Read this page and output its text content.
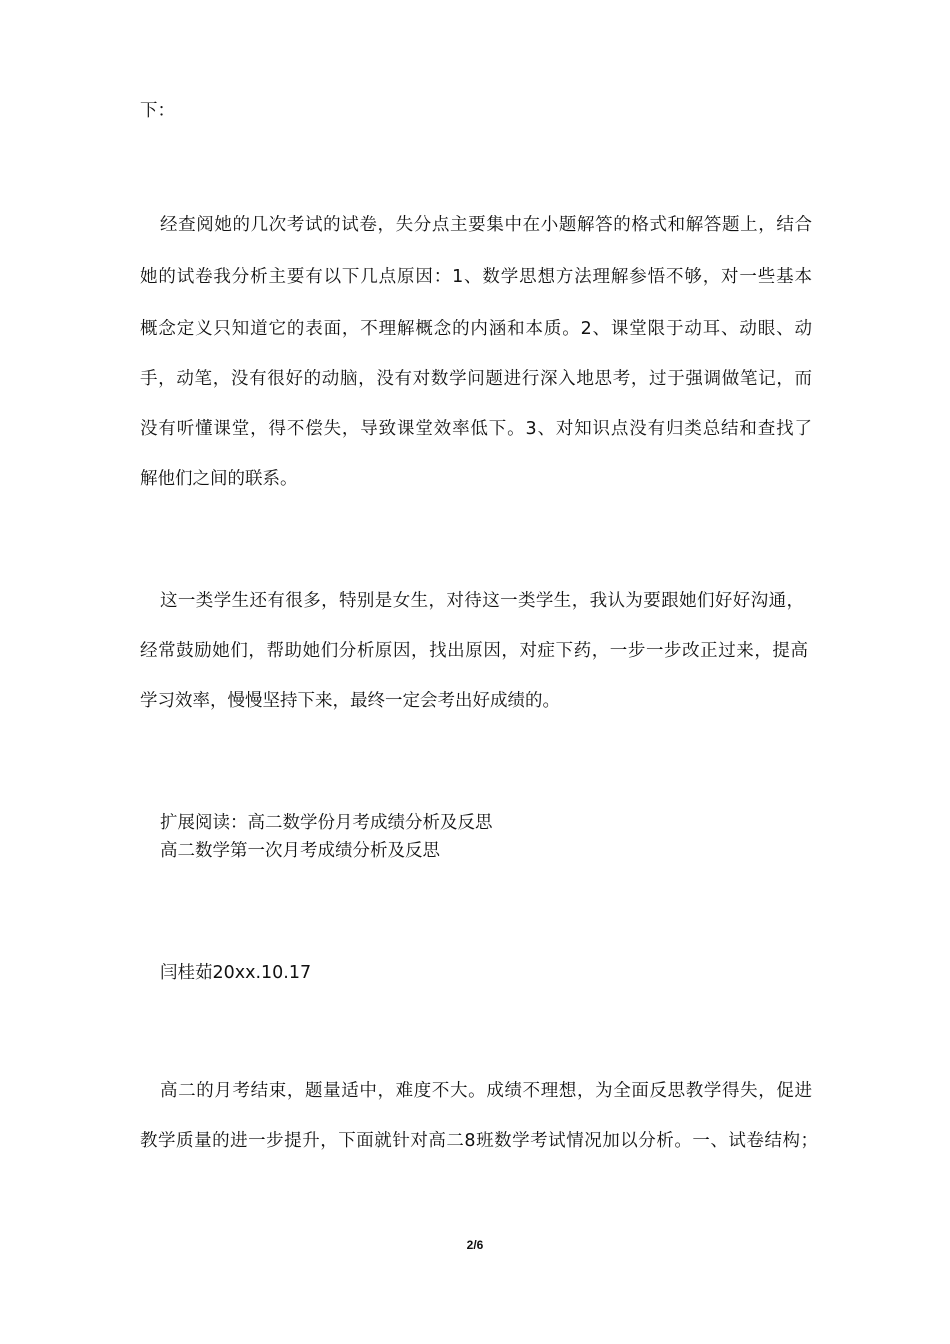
下：
经查阅她的几次考试的试卷，失分点主要集中在小题解答的格式和解答题上，结合
她的试卷我分析主要有以下几点原因：1、数学思想方法理解参悟不够，对一些基本
概念定义只知道它的表面，不理解概念的内涵和本质。2、课堂限于动耳、动眼、动
手，动笔，没有很好的动脑，没有对数学问题进行深入地思考，过于强调做笔记，而
没有听懂课堂，得不偿失，导致课堂效率低下。3、对知识点没有归类总结和查找了
解他们之间的联系。
这一类学生还有很多，特别是女生，对待这一类学生，我认为要跟她们好好沟通，
经常鼓励她们，帮助她们分析原因，找出原因，对症下药，一步一步改正过来，提高
学习效率，慢慢坚持下来，最终一定会考出好成绩的。
扩展阅读：高二数学份月考成绩分析及反思
高二数学第一次月考成绩分析及反思
闫桂茹20xx.10.17
高二的月考结束，题量适中，难度不大。成绩不理想，为全面反思教学得失，促进
教学质量的进一步提升，下面就针对高二8班数学考试情况加以分析。一、试卷结构；
2/6
